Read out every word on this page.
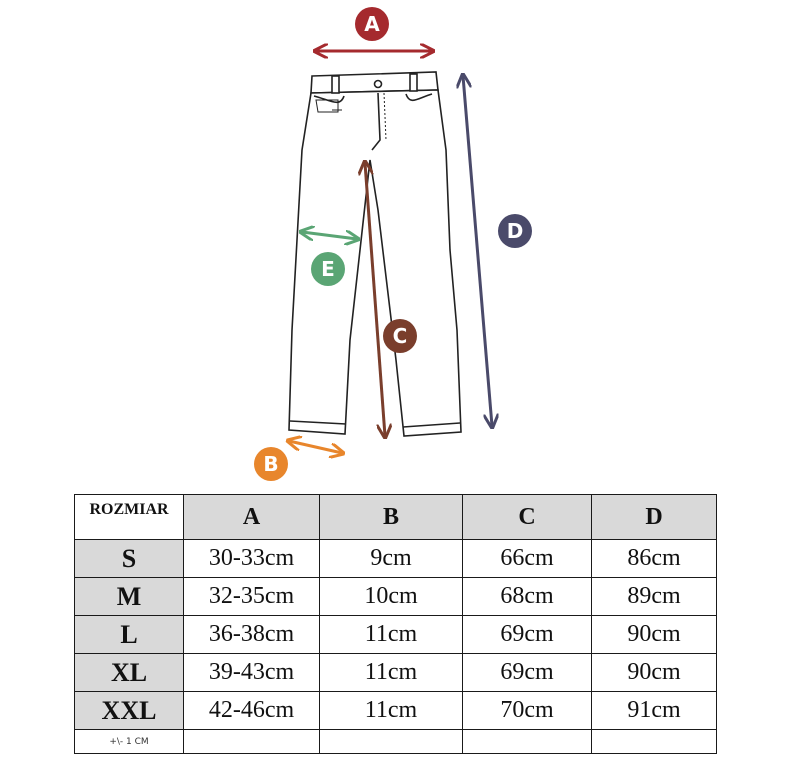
A
D
C
E
B
ROZMIAR	A	B	C	D
S	30-33cm	9cm	66cm	86cm
M	32-35cm	10cm	68cm	89cm
L	36-38cm	11cm	69cm	90cm
XL	39-43cm	11cm	69cm	90cm
XXL	42-46cm	11cm	70cm	91cm
+\- 1 CM				
